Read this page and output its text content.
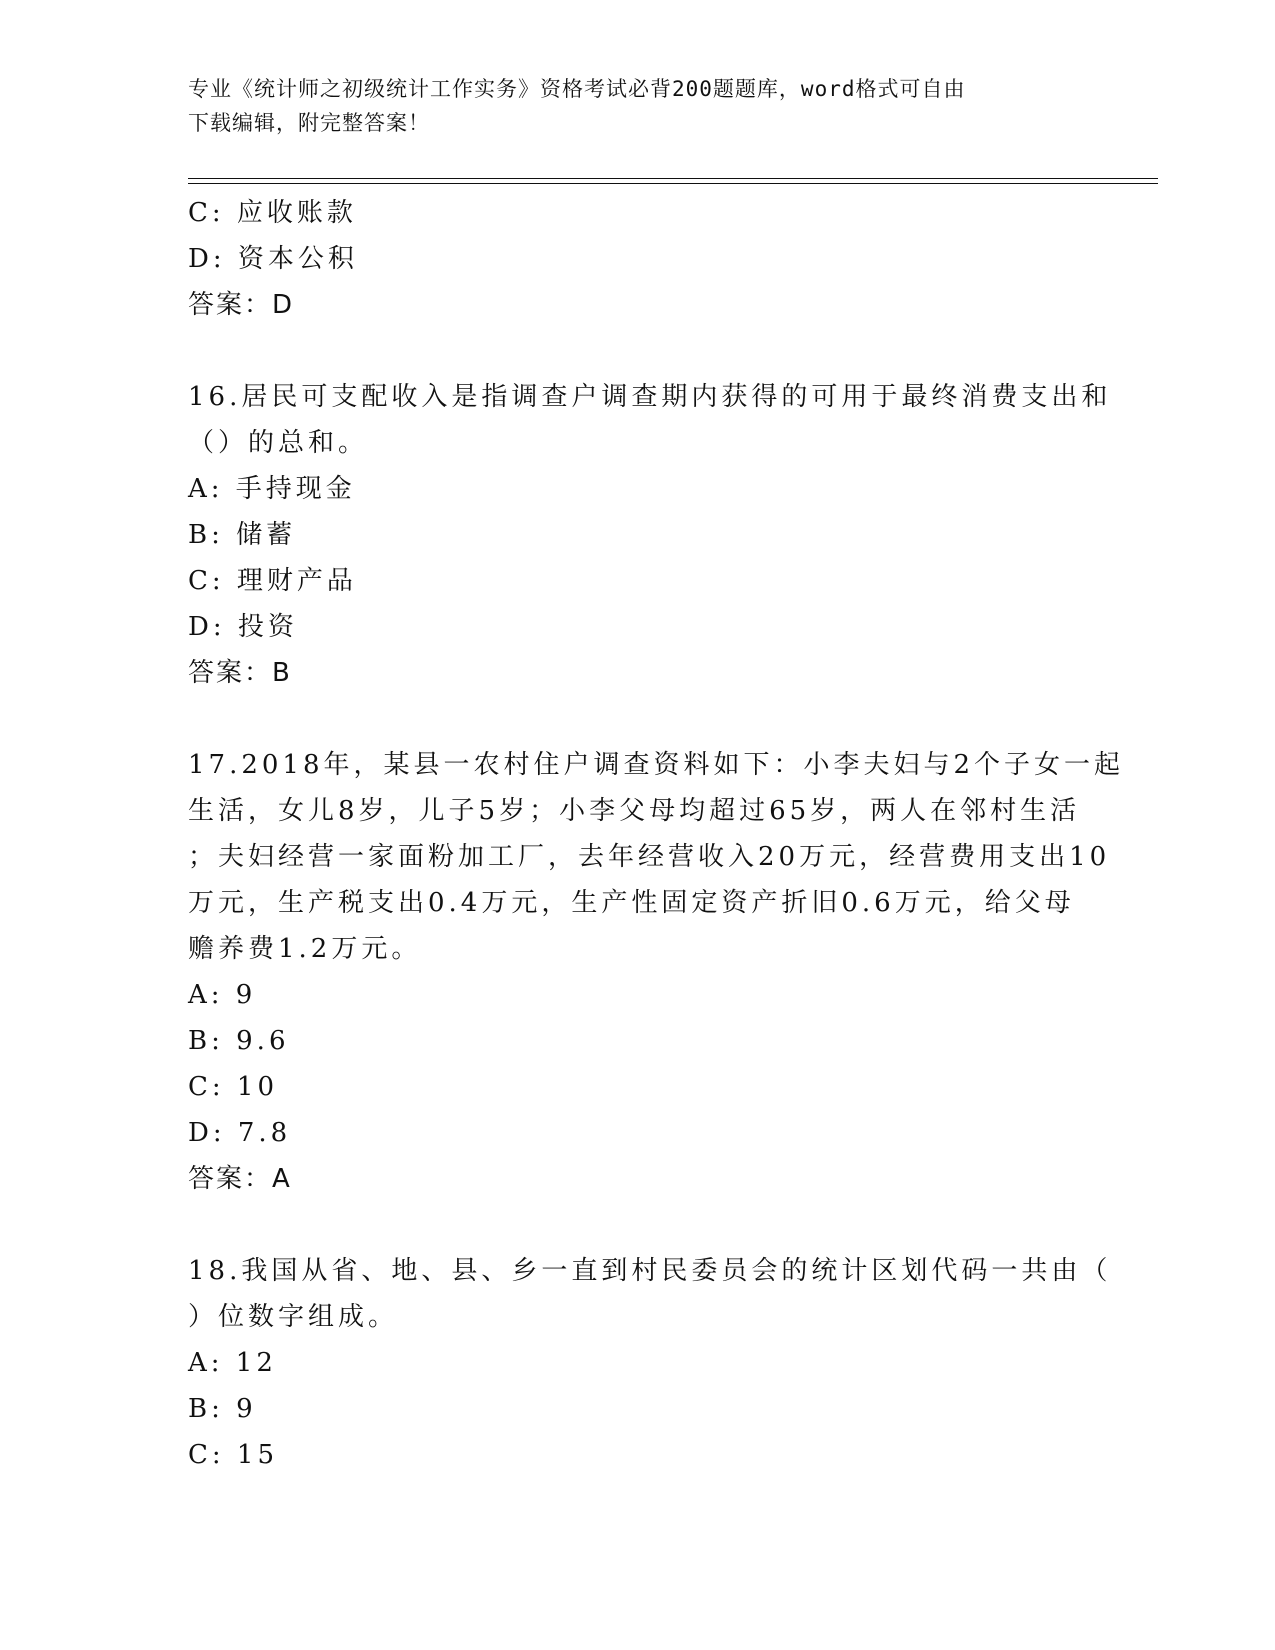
专业《统计师之初级统计工作实务》资格考试必背200题题库，word格式可自由
下载编辑，附完整答案！
C: 应收账款
D: 资本公积
答案：D
16.居民可支配收入是指调查户调查期内获得的可用于最终消费支出和
（）的总和。
A: 手持现金
B: 储蓄
C: 理财产品
D: 投资
答案：B
17.2018年，某县一农村住户调查资料如下：小李夫妇与2个子女一起
生活，女儿8岁，儿子5岁；小李父母均超过65岁，两人在邻村生活
；夫妇经营一家面粉加工厂，去年经营收入20万元，经营费用支出10
万元，生产税支出0.4万元，生产性固定资产折旧0.6万元，给父母
赡养费1.2万元。
A: 9
B: 9.6
C: 10
D: 7.8
答案：A
18.我国从省、地、县、乡一直到村民委员会的统计区划代码一共由（
）位数字组成。
A: 12
B: 9
C: 15
